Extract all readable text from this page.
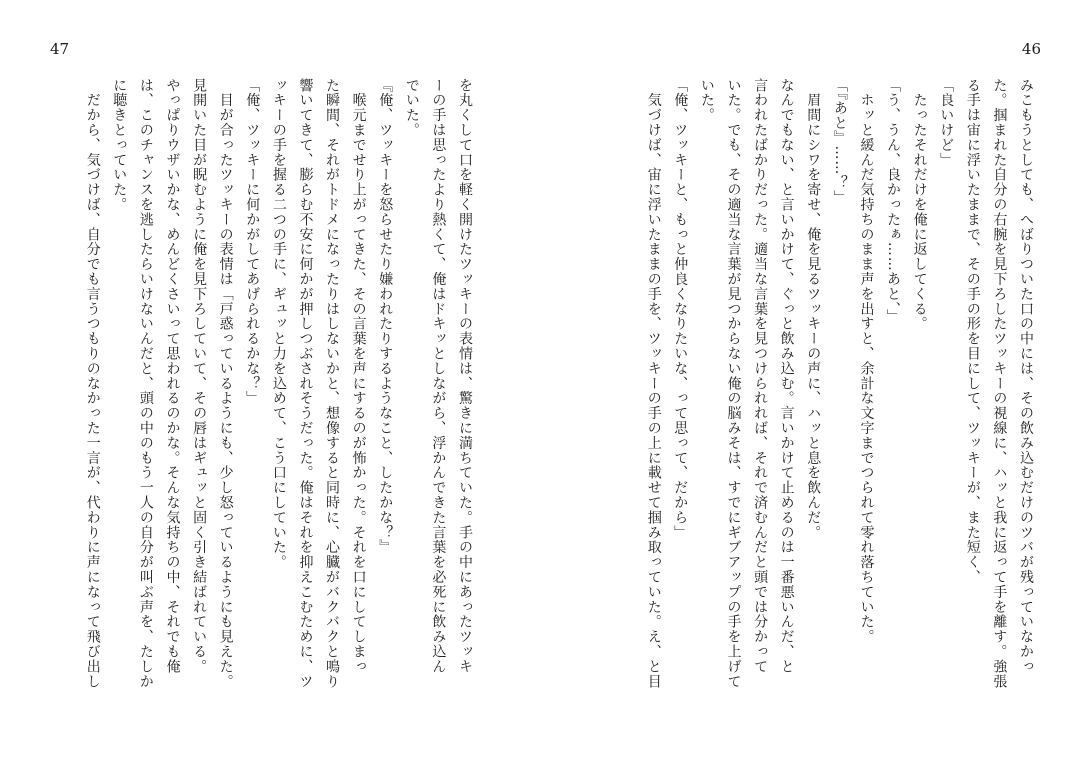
47	46
みこもうとしても、へばりついた口の中には、その飲み込むだけのツバが残っていなかっ
た。掴まれた自分の右腕を見下ろしたツッキーの視線に、ハッと我に返って手を離す。強張
る手は宙に浮いたままで、その手の形を目にして、ツッキーが、また短く、
「良いけど」
　たったそれだけを俺に返してくる。
「う、うん、良かったぁ……あと、」
　ホッと緩んだ気持ちのまま声を出すと、余計な文字までつられて零れ落ちていた。
「『あと』……？」
　眉間にシワを寄せ、俺を見るツッキーの声に、ハッと息を飲んだ。
なんでもない、と言いかけて、ぐっと飲み込む。言いかけて止めるのは一番悪いんだ、と
言われたばかりだった。適当な言葉を見つけられれば、それで済むんだと頭では分かって
いた。でも、その適当な言葉が見つからない俺の脳みそは、すでにギブアップの手を上げて
いた。
「俺、ツッキーと、もっと仲良くなりたいな、って思って、だから」
　気づけば、宙に浮いたままの手を、ツッキーの手の上に載せて掴み取っていた。え、と目
を丸くして口を軽く開けたツッキーの表情は、驚きに満ちていた。手の中にあったツッキ
ーの手は思ったより熱くて、俺はドキッとしながら、浮かんできた言葉を必死に飲み込ん
でいた。
『俺、ツッキーを怒らせたり嫌われたりするようなこと、したかな？』
　喉元までせり上がってきた、その言葉を声にするのが怖かった。それを口にしてしまっ
た瞬間、それがトドメになったりはしないかと、想像すると同時に、心臓がバクバクと鳴り
響いてきて、膨らむ不安に何かが押しつぶされそうだった。俺はそれを抑えこむために、ツ
ッキーの手を握る二つの手に、ギュッと力を込めて、こう口にしていた。
「俺、ツッキーに何かがしてあげられるかな？」
　目が合ったツッキーの表情は「戸惑っているようにも、少し怒っているようにも見えた。
見開いた目が睨むように俺を見下ろしていて、その唇はギュッと固く引き結ばれている。
やっぱりウザいかな、めんどくさいって思われるのかな。そんな気持ちの中、それでも俺
は、このチャンスを逃したらいけないんだと、頭の中のもう一人の自分が叫ぶ声を、たしか
に聴きとっていた。
　だから、気づけば、自分でも言うつもりのなかった一言が、代わりに声になって飛び出し
